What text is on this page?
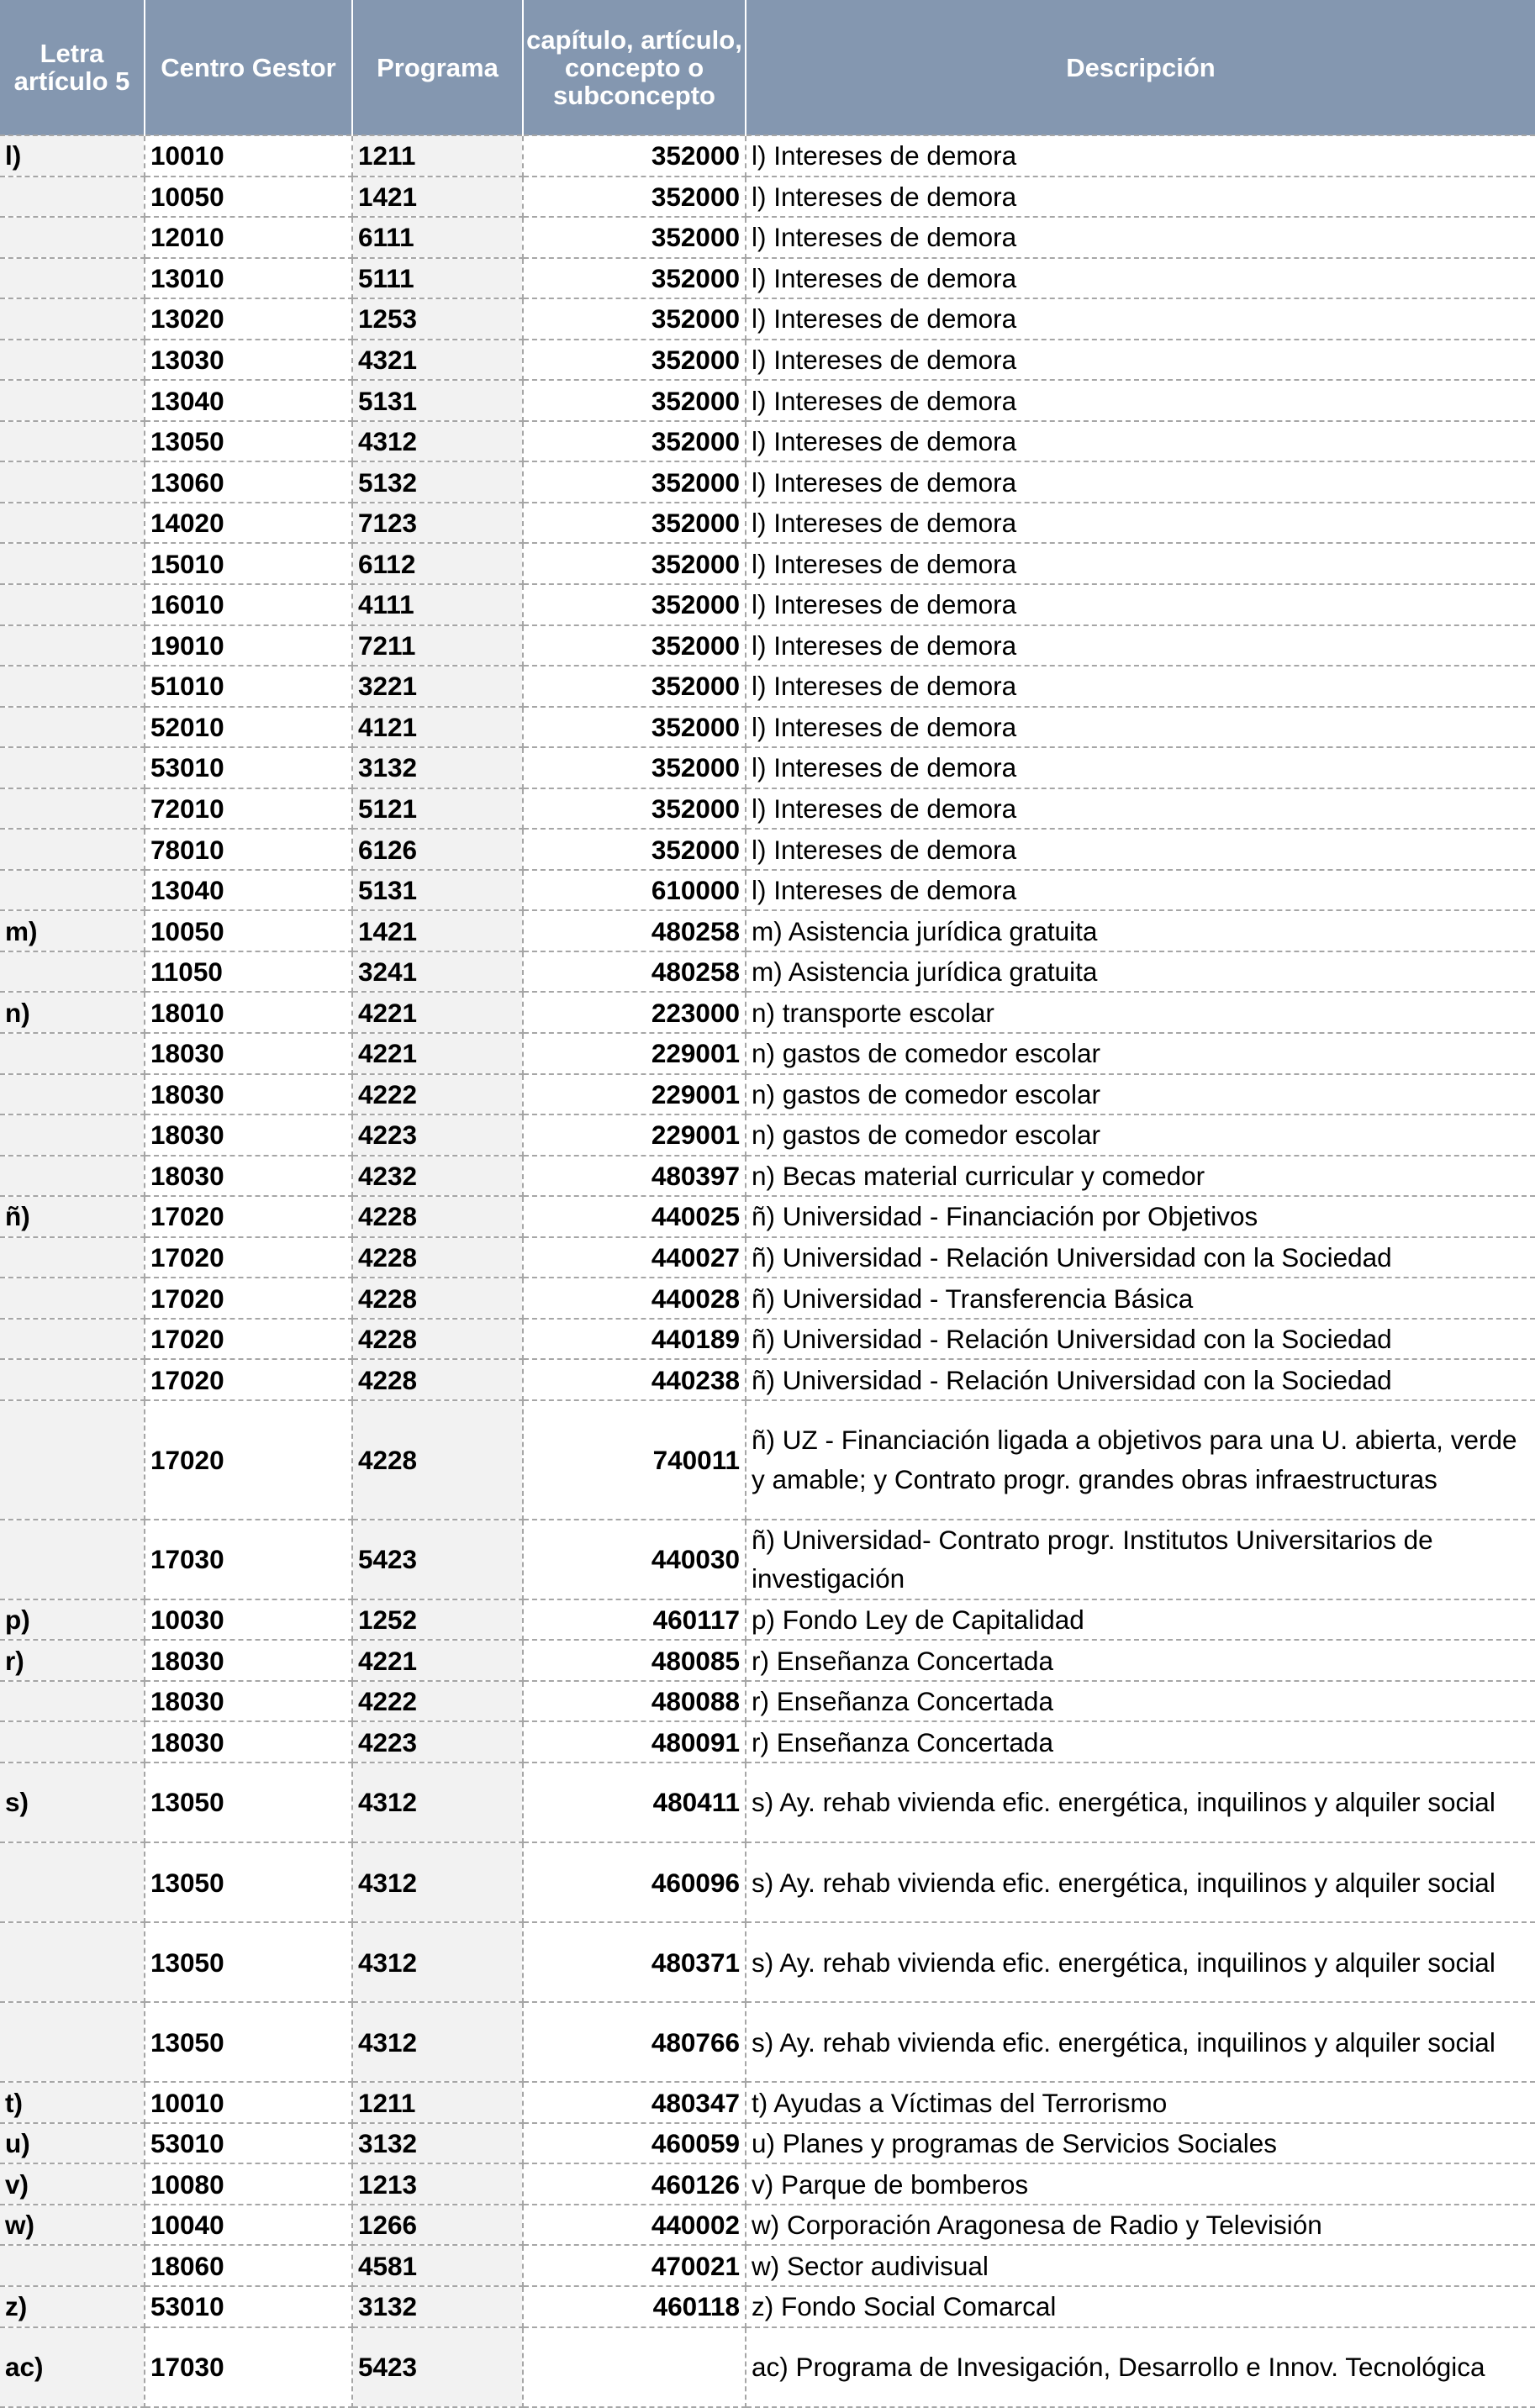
Letra artículo 5	Centro Gestor	Programa	capítulo, artículo, concepto o subconcepto	Descripción

l)	10010	1211	352000	l) Intereses de demora
	10050	1421	352000	l) Intereses de demora
	12010	6111	352000	l) Intereses de demora
	13010	5111	352000	l) Intereses de demora
	13020	1253	352000	l) Intereses de demora
	13030	4321	352000	l) Intereses de demora
	13040	5131	352000	l) Intereses de demora
	13050	4312	352000	l) Intereses de demora
	13060	5132	352000	l) Intereses de demora
	14020	7123	352000	l) Intereses de demora
	15010	6112	352000	l) Intereses de demora
	16010	4111	352000	l) Intereses de demora
	19010	7211	352000	l) Intereses de demora
	51010	3221	352000	l) Intereses de demora
	52010	4121	352000	l) Intereses de demora
	53010	3132	352000	l) Intereses de demora
	72010	5121	352000	l) Intereses de demora
	78010	6126	352000	l) Intereses de demora
	13040	5131	610000	l) Intereses de demora
m)	10050	1421	480258	m) Asistencia jurídica gratuita
	11050	3241	480258	m) Asistencia jurídica gratuita
n)	18010	4221	223000	n) transporte escolar
	18030	4221	229001	n) gastos de comedor escolar
	18030	4222	229001	n) gastos de comedor escolar
	18030	4223	229001	n) gastos de comedor escolar
	18030	4232	480397	n) Becas material curricular y comedor
ñ)	17020	4228	440025	ñ) Universidad - Financiación por Objetivos
	17020	4228	440027	ñ) Universidad - Relación Universidad con la Sociedad
	17020	4228	440028	ñ) Universidad - Transferencia Básica
	17020	4228	440189	ñ) Universidad - Relación Universidad con la Sociedad
	17020	4228	440238	ñ) Universidad - Relación Universidad con la Sociedad
	17020	4228	740011	ñ) UZ - Financiación ligada a objetivos para una U. abierta, verde y amable; y Contrato progr. grandes obras infraestructuras
	17030	5423	440030	ñ) Universidad- Contrato progr. Institutos Universitarios de investigación
p)	10030	1252	460117	p) Fondo Ley de Capitalidad
r)	18030	4221	480085	r) Enseñanza Concertada
	18030	4222	480088	r) Enseñanza Concertada
	18030	4223	480091	r) Enseñanza Concertada
s)	13050	4312	480411	s) Ay. rehab vivienda efic. energética, inquilinos y alquiler social
	13050	4312	460096	s) Ay. rehab vivienda efic. energética, inquilinos y alquiler social
	13050	4312	480371	s) Ay. rehab vivienda efic. energética, inquilinos y alquiler social
	13050	4312	480766	s) Ay. rehab vivienda efic. energética, inquilinos y alquiler social
t)	10010	1211	480347	t) Ayudas a Víctimas del Terrorismo
u)	53010	3132	460059	u) Planes y programas de Servicios Sociales
v)	10080	1213	460126	v) Parque de bomberos
w)	10040	1266	440002	w) Corporación Aragonesa de Radio y Televisión
	18060	4581	470021	w) Sector audivisual
z)	53010	3132	460118	z) Fondo Social Comarcal
ac)	17030	5423		ac) Programa de Invesigación, Desarrollo e Innov. Tecnológica
